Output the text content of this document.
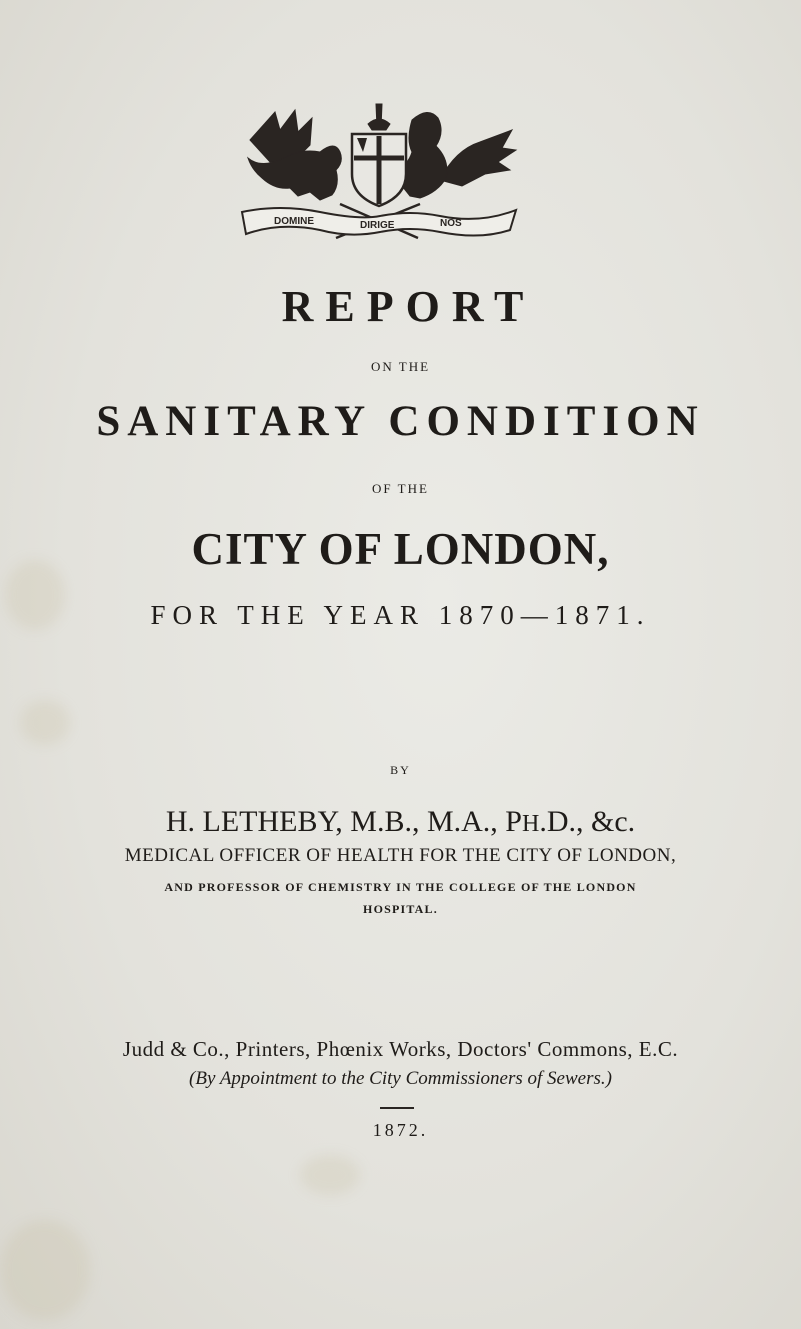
DOMINE	DIRIGE	NOS
REPORT
ON THE
SANITARY CONDITION
OF THE
CITY OF LONDON,
FOR THE YEAR 1870—1871.
BY
H. LETHEBY, M.B., M.A., PH.D., &c.
MEDICAL OFFICER OF HEALTH FOR THE CITY OF LONDON,
AND PROFESSOR OF CHEMISTRY IN THE COLLEGE OF THE LONDON
HOSPITAL.
Judd & Co., Printers, Phœnix Works, Doctors' Commons, E.C.
(By Appointment to the City Commissioners of Sewers.)
1872.
